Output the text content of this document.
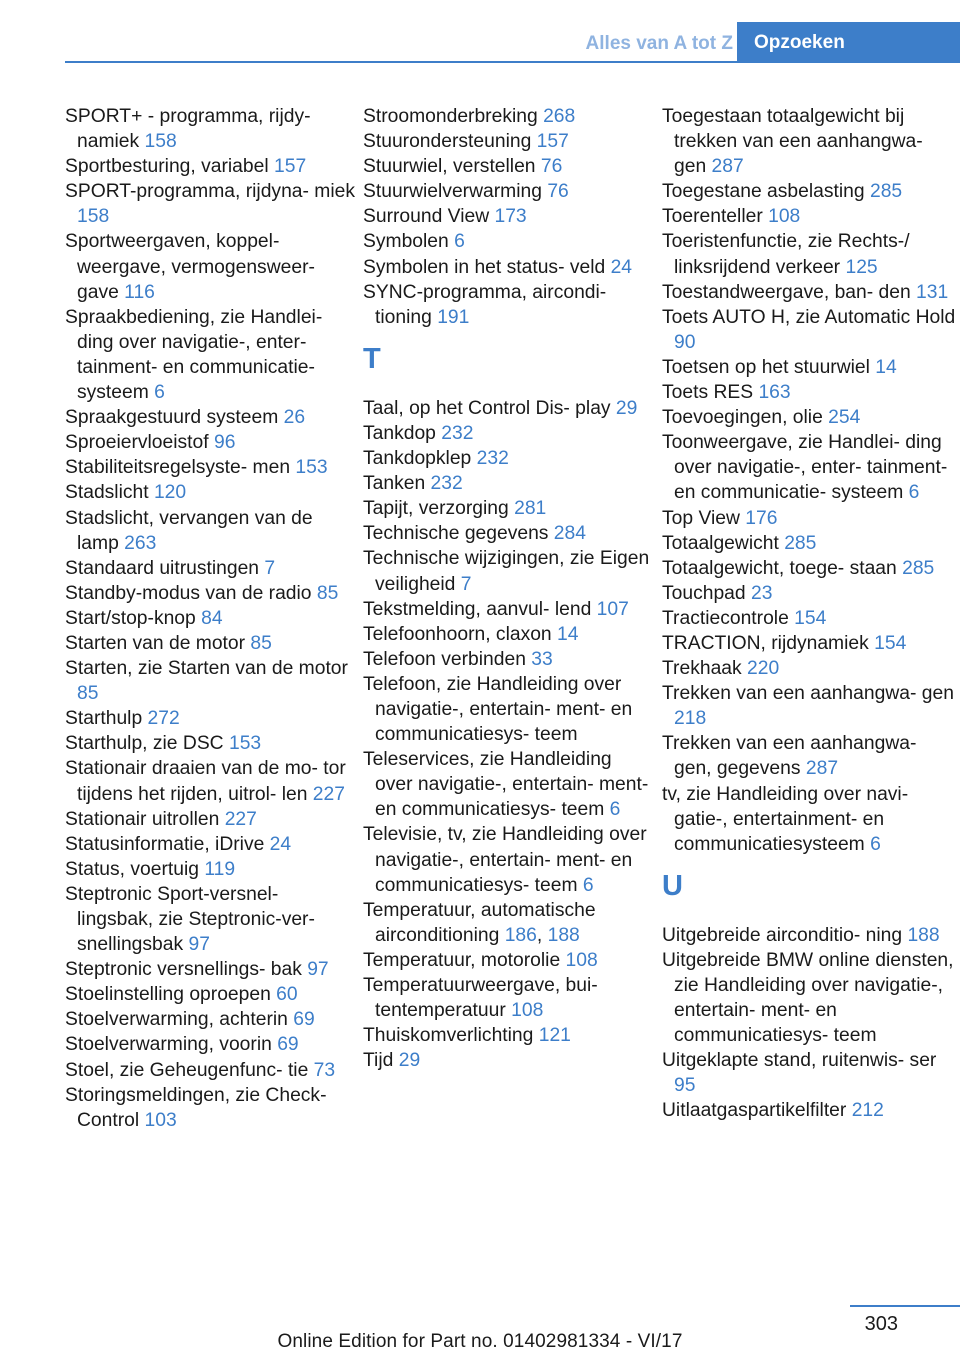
Alles van A tot Z	Opzoeken
SPORT+ - programma, rijdy- namiek 158
Sportbesturing, variabel 157
SPORT-programma, rijdyna- miek 158
Sportweergaven, koppel- weergave, vermogensweer- gave 116
Spraakbediening, zie Handlei- ding over navigatie-, enter- tainment- en communicatie- systeem 6
Spraakgestuurd systeem 26
Sproeiervloeistof 96
Stabiliteitsregelsyste- men 153
Stadslicht 120
Stadslicht, vervangen van de lamp 263
Standaard uitrustingen 7
Standby-modus van de radio 85
Start/stop-knop 84
Starten van de motor 85
Starten, zie Starten van de motor 85
Starthulp 272
Starthulp, zie DSC 153
Stationair draaien van de mo- tor tijdens het rijden, uitrol- len 227
Stationair uitrollen 227
Statusinformatie, iDrive 24
Status, voertuig 119
Steptronic Sport-versnel- lingsbak, zie Steptronic-ver- snellingsbak 97
Steptronic versnellings- bak 97
Stoelinstelling oproepen 60
Stoelverwarming, achterin 69
Stoelverwarming, voorin 69
Stoel, zie Geheugenfunc- tie 73
Storingsmeldingen, zie Check-Control 103
Stroomonderbreking 268
Stuurondersteuning 157
Stuurwiel, verstellen 76
Stuurwielverwarming 76
Surround View 173
Symbolen 6
Symbolen in het status- veld 24
SYNC-programma, aircondi- tioning 191
T
Taal, op het Control Dis- play 29
Tankdop 232
Tankdopklep 232
Tanken 232
Tapijt, verzorging 281
Technische gegevens 284
Technische wijzigingen, zie Eigen veiligheid 7
Tekstmelding, aanvul- lend 107
Telefoonhoorn, claxon 14
Telefoon verbinden 33
Telefoon, zie Handleiding over navigatie-, entertain- ment- en communicatiesys- teem
Teleservices, zie Handleiding over navigatie-, entertain- ment- en communicatiesys- teem 6
Televisie, tv, zie Handleiding over navigatie-, entertain- ment- en communicatiesys- teem 6
Temperatuur, automatische airconditioning 186, 188
Temperatuur, motorolie 108
Temperatuurweergave, bui- tentemperatuur 108
Thuiskomverlichting 121
Tijd 29
Toegestaan totaalgewicht bij trekken van een aanhangwa- gen 287
Toegestane asbelasting 285
Toerenteller 108
Toeristenfunctie, zie Rechts-/ linksrijdend verkeer 125
Toestandweergave, ban- den 131
Toets AUTO H, zie Automatic Hold 90
Toetsen op het stuurwiel 14
Toets RES 163
Toevoegingen, olie 254
Toonweergave, zie Handlei- ding over navigatie-, enter- tainment- en communicatie- systeem 6
Top View 176
Totaalgewicht 285
Totaalgewicht, toege- staan 285
Touchpad 23
Tractiecontrole 154
TRACTION, rijdynamiek 154
Trekhaak 220
Trekken van een aanhangwa- gen 218
Trekken van een aanhangwa- gen, gegevens 287
tv, zie Handleiding over navi- gatie-, entertainment- en communicatiesysteem 6
U
Uitgebreide airconditio- ning 188
Uitgebreide BMW online diensten, zie Handleiding over navigatie-, entertain- ment- en communicatiesys- teem
Uitgeklapte stand, ruitenwis- ser 95
Uitlaatgaspartikelfilter 212
303
Online Edition for Part no. 01402981334 - VI/17
